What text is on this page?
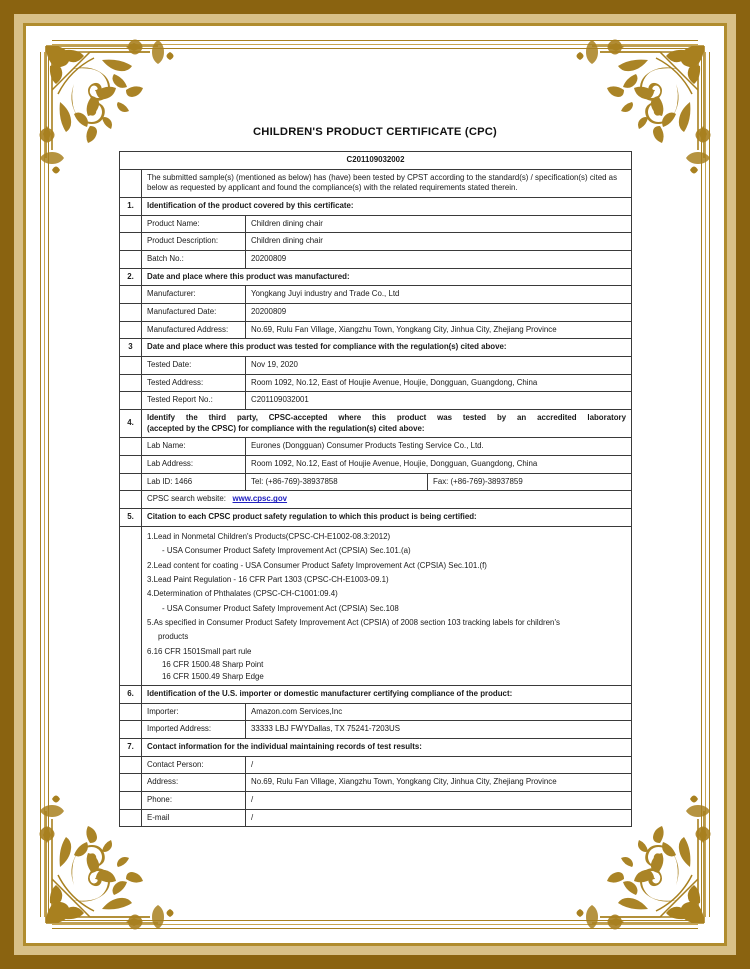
CHILDREN'S PRODUCT CERTIFICATE (CPC)
C201109032002			
	The submitted sample(s) (mentioned as below) has (have) been tested by CPST according to the standard(s) / specification(s) cited as below as requested by applicant and found the compliance(s) with the related requirements stated therein.		
1.	Identification of the product covered by this certificate:		
	Product Name:	Children dining chair	
	Product Description:	Children dining chair	
	Batch No.:	20200809	
2.	Date and place where this product was manufactured:		
	Manufacturer:	Yongkang Juyi industry and Trade Co., Ltd	
	Manufactured Date:	20200809	
	Manufactured Address:	No.69, Rulu Fan Village, Xiangzhu Town, Yongkang City, Jinhua City, Zhejiang Province	
3	Date and place where this product was tested for compliance with the regulation(s) cited above:		
	Tested Date:	Nov 19, 2020	
	Tested Address:	Room 1092, No.12, East of Houjie Avenue, Houjie, Dongguan, Guangdong, China	
	Tested Report No.:	C201109032001	
4.	Identify the third party, CPSC-accepted where this product was tested by an accredited laboratory
(accepted by the CPSC) for compliance with the regulation(s) cited above:		

	Lab Name:	Eurones (Dongguan) Consumer Products Testing Service Co., Ltd.	
	Lab Address:	Room 1092, No.12, East of Houjie Avenue, Houjie, Dongguan, Guangdong, China	
	Lab ID: 1466	Tel: (+86-769)-38937858	Fax: (+86-769)-38937859
	CPSC search website: www.cpsc.gov		
5.	Citation to each CPSC product safety regulation to which this product is being certified:		

1.Lead in Nonmetal Children's Products(CPSC-CH-E1002-08.3:2012)
- USA Consumer Product Safety Improvement Act (CPSIA) Sec.101.(a)
2.Lead content for coating - USA Consumer Product Safety Improvement Act (CPSIA) Sec.101.(f)
3.Lead Paint Regulation - 16 CFR Part 1303 (CPSC-CH-E1003-09.1)
4.Determination of Phthalates (CPSC-CH-C1001:09.4)
- USA Consumer Product Safety Improvement Act (CPSIA) Sec.108
5.As specified in Consumer Product Safety Improvement Act (CPSIA) of 2008 section 103 tracking labels for children's
products
6.16 CFR 1501Small part rule
16 CFR 1500.48 Sharp Point
16 CFR 1500.49 Sharp Edge

6.	Identification of the U.S. importer or domestic manufacturer certifying compliance of the product:		
	Importer:	Amazon.com Services,Inc	
	Imported Address:	33333 LBJ FWYDallas, TX 75241-7203US	
7.	Contact information for the individual maintaining records of test results:		
	Contact Person:	/	
	Address:	No.69, Rulu Fan Village, Xiangzhu Town, Yongkang City, Jinhua City, Zhejiang Province	
	Phone:	/	
	E-mail	/	
